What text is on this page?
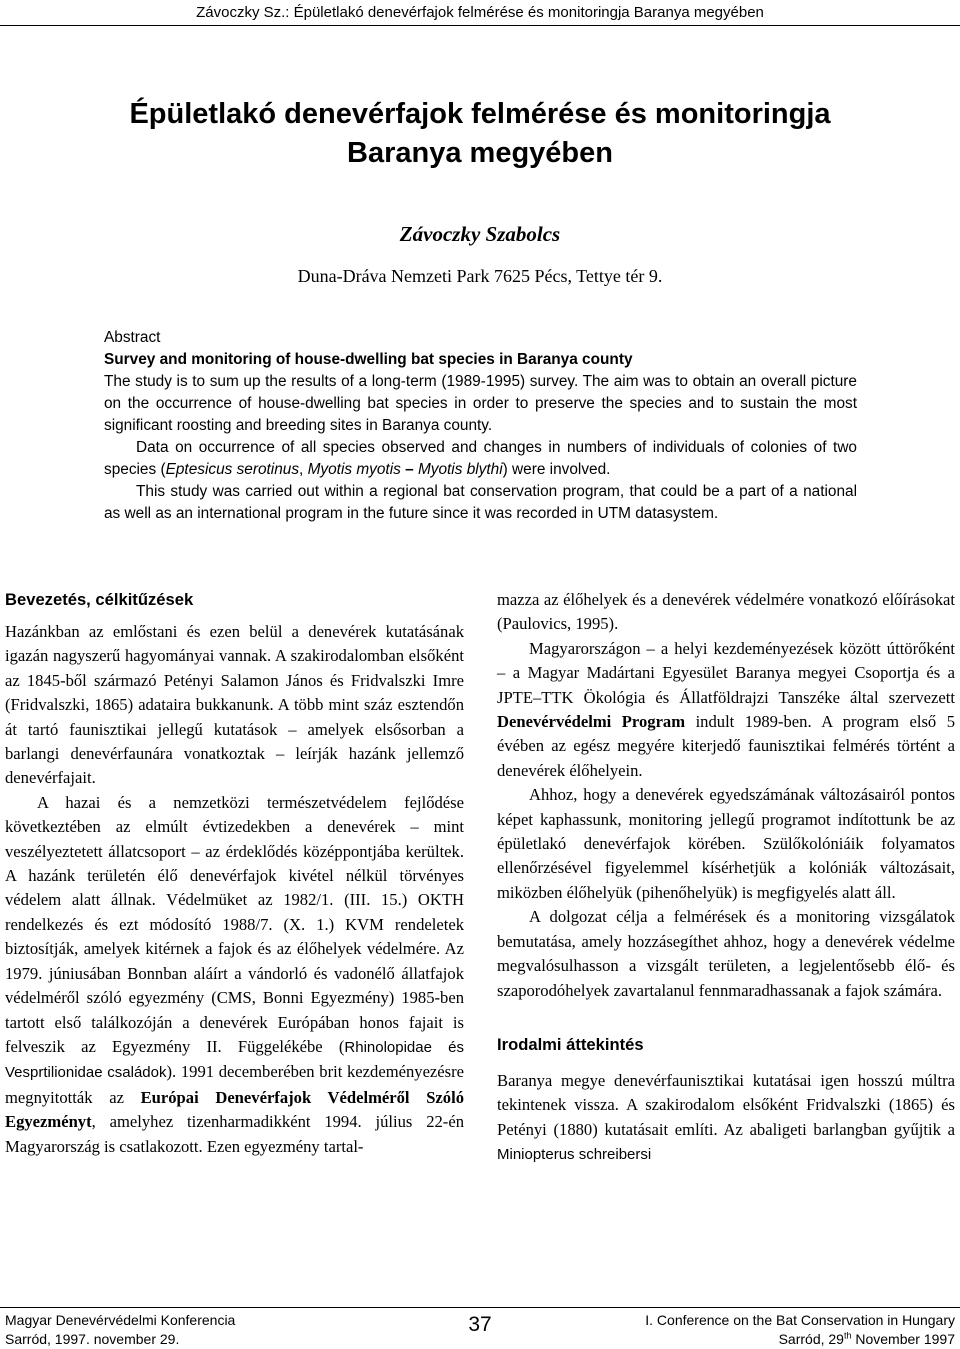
Závoczky Sz.: Épületlakó denevérfajok felmérése és monitoringja Baranya megyében
Épületlakó denevérfajok felmérése és monitoringja
Baranya megyében
Závoczky Szabolcs
Duna-Dráva Nemzeti Park 7625 Pécs, Tettye tér 9.

Abstract

Survey and monitoring of house-dwelling bat species in Baranya county

The study is to sum up the results of a long-term (1989-1995) survey. The aim was to obtain an overall picture on the occurrence of house-dwelling bat species in order to preserve the species and to sustain the most significant roosting and breeding sites in Baranya county.

Data on occurrence of all species observed and changes in numbers of individuals of colonies of two species (Eptesicus serotinus, Myotis myotis – Myotis blythi) were involved.

This study was carried out within a regional bat conservation program, that could be a part of a national as well as an international program in the future since it was recorded in UTM datasystem.

Bevezetés, célkitűzések

Hazánkban az emlőstani és ezen belül a denevérek kutatásának igazán nagyszerű hagyományai vannak. A szakirodalomban elsőként az 1845-ből származó Petényi Salamon János és Fridvalszki Imre (Fridvalszki, 1865) adataira bukkanunk. A több mint száz esztendőn át tartó faunisztikai jellegű kutatások – amelyek elsősorban a barlangi denevérfaunára vonatkoztak – leírják hazánk jellemző denevérfajait.

A hazai és a nemzetközi természetvédelem fejlődése következtében az elmúlt évtizedekben a denevérek – mint veszélyeztetett állatcsoport – az érdeklődés középpontjába kerültek. A hazánk területén élő denevérfajok kivétel nélkül törvényes védelem alatt állnak. Védelmüket az 1982/1. (III. 15.) OKTH rendelkezés és ezt módosító 1988/7. (X. 1.) KVM rendeletek biztosítják, amelyek kitérnek a fajok és az élőhelyek védelmére. Az 1979. júniusában Bonnban aláírt a vándorló és vadonélő állatfajok védelméről szóló egyezmény (CMS, Bonni Egyezmény) 1985-ben tartott első találkozóján a denevérek Európában honos fajait is felveszik az Egyezmény II. Függelékébe (Rhinolopidae és Vesprtilionidae családok). 1991 decemberében brit kezdeményezésre megnyitották az Európai Denevérfajok Védelméről Szóló Egyezményt, amelyhez tizenharmadikként 1994. július 22-én Magyarország is csatlakozott. Ezen egyezmény tartal-

mazza az élőhelyek és a denevérek védelmére vonatkozó előírásokat (Paulovics, 1995).

Magyarországon – a helyi kezdeményezések között úttörőként – a Magyar Madártani Egyesület Baranya megyei Csoportja és a JPTE–TTK Ökológia és Állatföldrajzi Tanszéke által szervezett Denevérvédelmi Program indult 1989-ben. A program első 5 évében az egész megyére kiterjedő faunisztikai felmérés történt a denevérek élőhelyein.

Ahhoz, hogy a denevérek egyedszámának változásairól pontos képet kaphassunk, monitoring jellegű programot indítottunk be az épületlakó denevérfajok körében. Szülőkolóniáik folyamatos ellenőrzésével figyelemmel kísérhetjük a kolóniák változásait, miközben élőhelyük (pihenőhelyük) is megfigyelés alatt áll.

A dolgozat célja a felmérések és a monitoring vizsgálatok bemutatása, amely hozzásegíthet ahhoz, hogy a denevérek védelme megvalósulhasson a vizsgált területen, a legjelentősebb élő- és szaporodóhelyek zavartalanul fennmaradhassanak a fajok számára.

Irodalmi áttekintés

Baranya megye denevérfaunisztikai kutatásai igen hosszú múltra tekintenek vissza. A szakirodalom elsőként Fridvalszki (1865) és Petényi (1880) kutatásait említi. Az abaligeti barlangban gyűjtik a Miniopterus schreibersi

Magyar Denevérvédelmi Konferencia
Sarród, 1997. november 29.
37	I. Conference on the Bat Conservation in Hungary
Sarród, 29th November 1997
